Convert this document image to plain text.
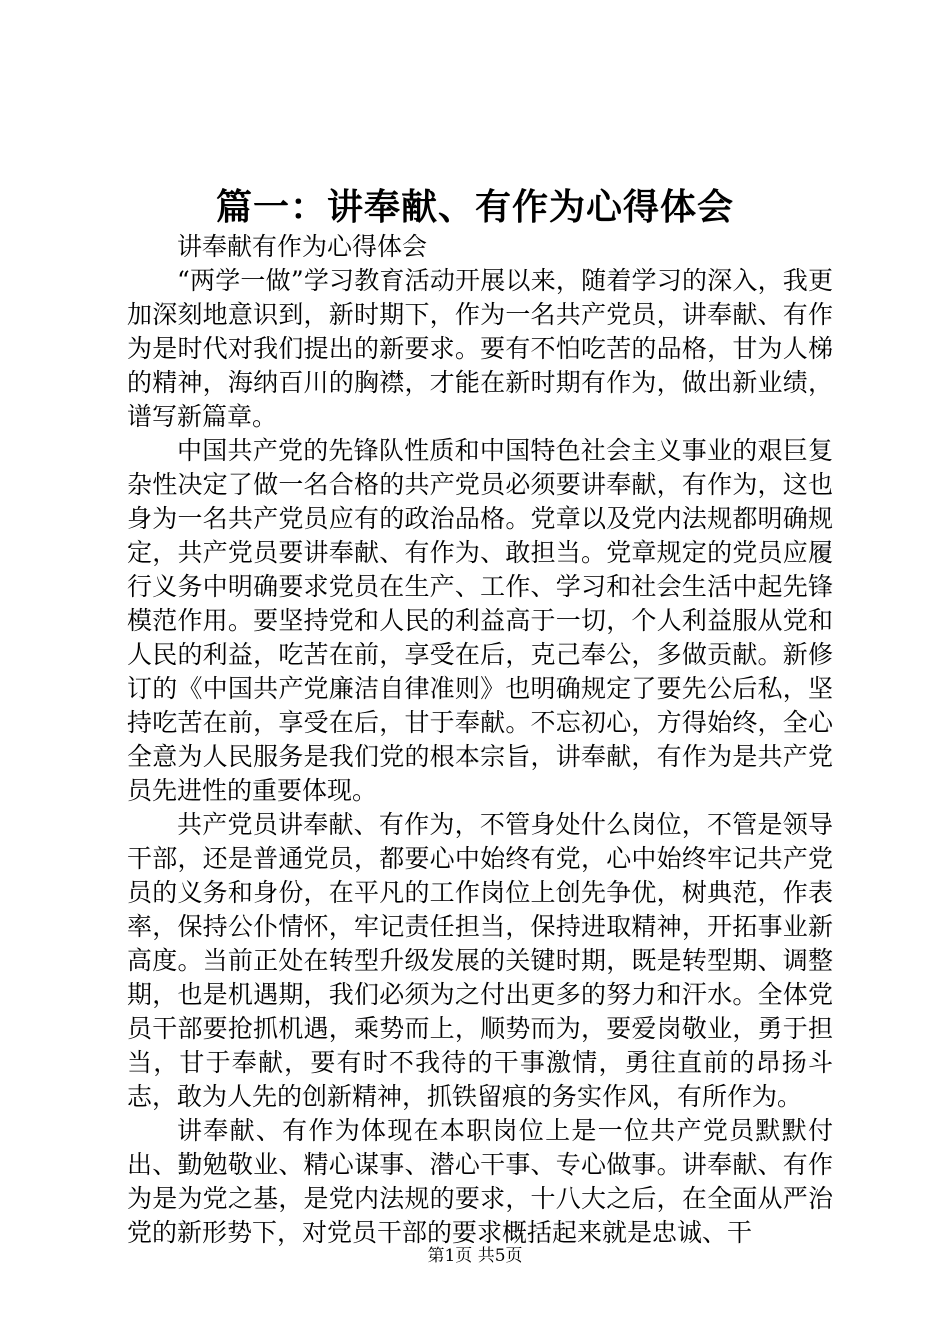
篇一：讲奉献、有作为心得体会

讲奉献有作为心得体会

“两学一做”学习教育活动开展以来，随着学习的深入，我更加深刻地意识到，新时期下，作为一名共产党员，讲奉献、有作为是时代对我们提出的新要求。要有不怕吃苦的品格，甘为人梯的精神，海纳百川的胸襟，才能在新时期有作为，做出新业绩，谱写新篇章。

中国共产党的先锋队性质和中国特色社会主义事业的艰巨复杂性决定了做一名合格的共产党员必须要讲奉献，有作为，这也身为一名共产党员应有的政治品格。党章以及党内法规都明确规定，共产党员要讲奉献、有作为、敢担当。党章规定的党员应履行义务中明确要求党员在生产、工作、学习和社会生活中起先锋模范作用。要坚持党和人民的利益高于一切，个人利益服从党和人民的利益，吃苦在前，享受在后，克己奉公，多做贡献。新修订的《中国共产党廉洁自律准则》也明确规定了要先公后私，坚持吃苦在前，享受在后，甘于奉献。不忘初心，方得始终，全心全意为人民服务是我们党的根本宗旨，讲奉献，有作为是共产党员先进性的重要体现。

共产党员讲奉献、有作为，不管身处什么岗位，不管是领导干部，还是普通党员，都要心中始终有党，心中始终牢记共产党员的义务和身份，在平凡的工作岗位上创先争优，树典范，作表率，保持公仆情怀，牢记责任担当，保持进取精神，开拓事业新高度。当前正处在转型升级发展的关键时期，既是转型期、调整期，也是机遇期，我们必须为之付出更多的努力和汗水。全体党员干部要抢抓机遇，乘势而上，顺势而为，要爱岗敬业，勇于担当，甘于奉献，要有时不我待的干事激情，勇往直前的昂扬斗志，敢为人先的创新精神，抓铁留痕的务实作风，有所作为。

讲奉献、有作为体现在本职岗位上是一位共产党员默默付出、勤勉敬业、精心谋事、潜心干事、专心做事。讲奉献、有作为是为党之基，是党内法规的要求，十八大之后，在全面从严治党的新形势下，对党员干部的要求概括起来就是忠诚、干

第1页 共5页
